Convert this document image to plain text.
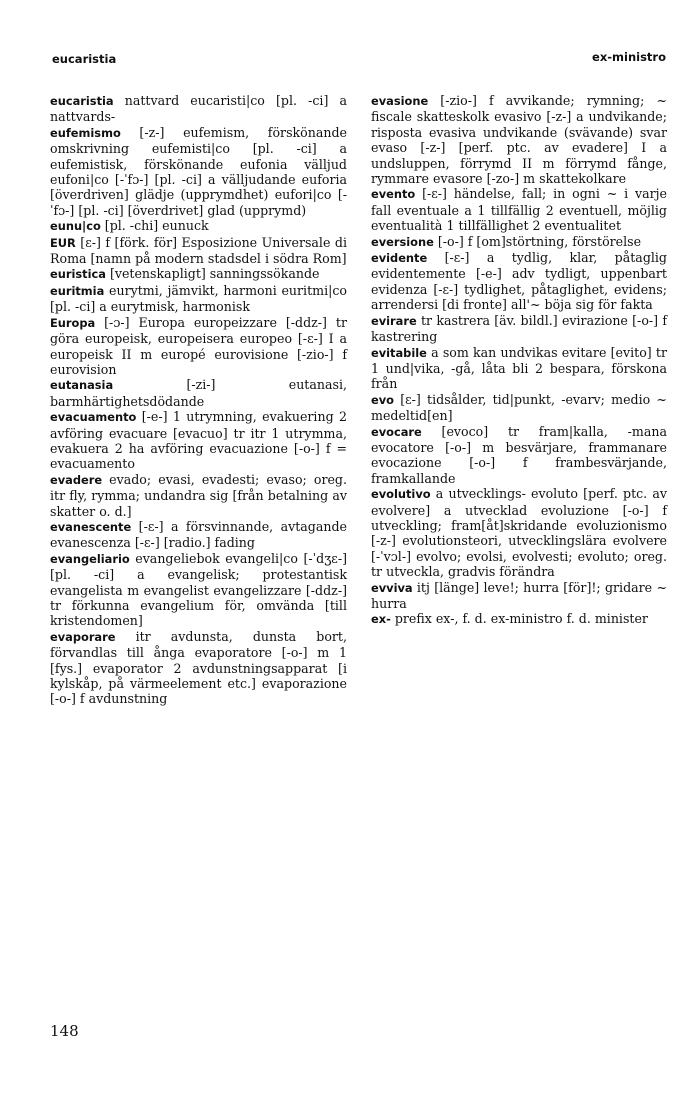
eucaristia	ex-ministro

eucaristia nattvard eucaristi|co [pl. -ci] a nattvards-

eufemismo [-z-] eufemism, förskönande omskrivning eufemisti|co [pl. -ci] a eufemistisk, förskönande eufonia välljud eufoni|co [-ˈfɔ-] [pl. -ci] a välljudande euforia [överdriven] glädje (upprymdhet) eufori|co [-ˈfɔ-] [pl. -ci] [överdrivet] glad (upprymd)

eunu|co [pl. -chi] eunuck

EUR [ɛ-] f [förk. för] Esposizione Universale di Roma [namn på modern stadsdel i södra Rom]

euristica [vetenskapligt] sanningssökande

euritmia eurytmi, jämvikt, harmoni euritmi|co [pl. -ci] a eurytmisk, harmonisk

Europa [-ɔ-] Europa europeizzare [-ddz-] tr göra europeisk, europeisera europeo [-ɛ-] I a europeisk II m europé eurovisione [-zio-] f eurovision

eutanasia [-zi-] eutanasi, barmhärtighetsdödande

evacuamento [-e-] 1 utrymning, evakuering 2 avföring evacuare [evacuo] tr itr 1 utrymma, evakuera 2 ha avföring evacuazione [-o-] f = evacuamento

evadere evado; evasi, evadesti; evaso; oreg. itr fly, rymma; undandra sig [från betalning av skatter o. d.]

evanescente [-ɛ-] a försvinnande, avtagande evanescenza [-ɛ-] [radio.] fading

evangeliario evangeliebok evangeli|co [-ˈdʒɛ-] [pl. -ci] a evangelisk; protestantisk evangelista m evangelist evangelizzare [-ddz-] tr förkunna evangelium för, omvända [till kristendomen]

evaporare itr avdunsta, dunsta bort, förvandlas till ånga evaporatore [-o-] m 1 [fys.] evaporator 2 avdunstningsapparat [i kylskåp, på värmeelement etc.] evaporazione [-o-] f avdunstning

evasione [-zio-] f avvikande; rymning; ~ fiscale skatteskolk evasivo [-z-] a undvikande; risposta evasiva undvikande (svävande) svar evaso [-z-] [perf. ptc. av evadere] I a undsluppen, förrymd II m förrymd fånge, rymmare evasore [-zo-] m skattekolkare

evento [-ɛ-] händelse, fall; in ogni ~ i varje fall eventuale a 1 tillfällig 2 eventuell, möjlig eventualità 1 tillfällighet 2 eventualitet

eversione [-o-] f [om]störtning, förstörelse

evidente [-ɛ-] a tydlig, klar, påtaglig evidentemente [-e-] adv tydligt, uppenbart evidenza [-ɛ-] tydlighet, påtaglighet, evidens; arrendersi [di fronte] all'~ böja sig för fakta

evirare tr kastrera [äv. bildl.] evirazione [-o-] f kastrering

evitabile a som kan undvikas evitare [evito] tr 1 und|vika, -gå, låta bli 2 bespara, förskona från

evo [ɛ-] tidsålder, tid|punkt, -evarv; medio ~ medeltid[en]

evocare [evoco] tr fram|kalla, -mana evocatore [-o-] m besvärjare, frammanare evocazione [-o-] f frambesvärjande, framkallande

evolutivo a utvecklings- evoluto [perf. ptc. av evolvere] a utvecklad evoluzione [-o-] f utveckling; fram[åt]skridande evoluzionismo [-z-] evolutionsteori, utvecklingslära evolvere [-ˈvɔl-] evolvo; evolsi, evolvesti; evoluto; oreg. tr utveckla, gradvis förändra

evviva itj [länge] leve!; hurra [för]!; gridare ~ hurra

ex- prefix ex-, f. d. ex-ministro f. d. minister

148
